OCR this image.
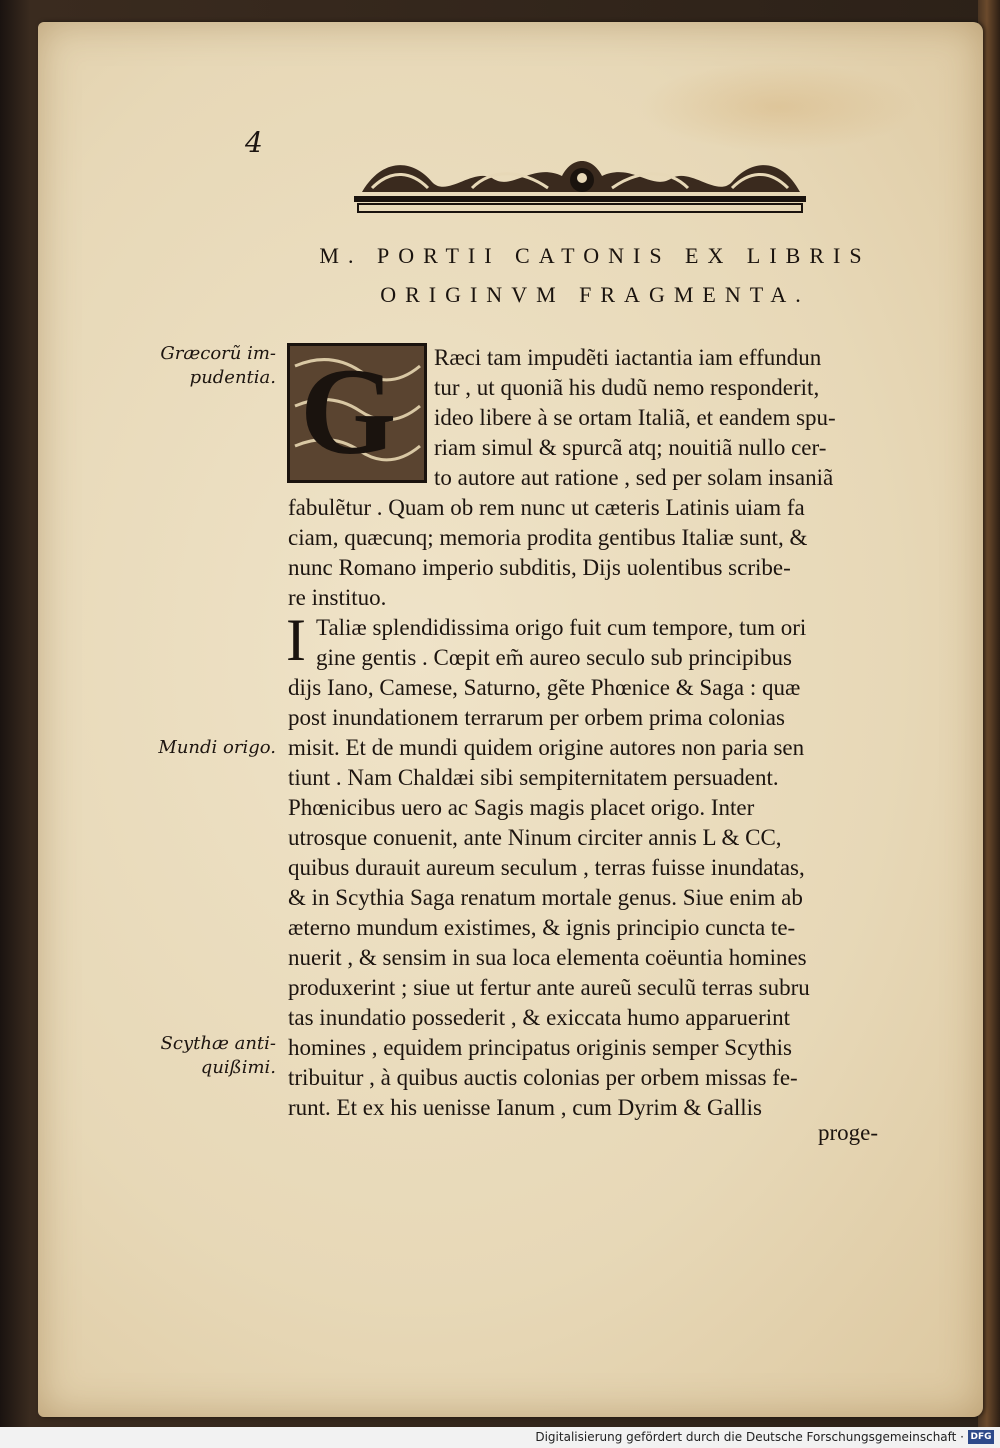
4
M. PORTII CATONIS EX LIBRIS
ORIGINVM FRAGMENTA.
G Ræci tam impudẽti iactantia iam effundun
tur , ut quoniã his dudũ nemo responderit,
ideo libere à se ortam Italiã, et eandem spu-
riam simul & spurcã atq; nouitiã nullo cer-
to autore aut ratione , sed per solam insaniã
fabulẽtur . Quam ob rem nunc ut cæteris Latinis uiam fa
ciam, quæcunq; memoria prodita gentibus Italiæ sunt, &
nunc Romano imperio subditis, Dijs uolentibus scribe-
re instituo.
I Taliæ splendidissima origo fuit cum tempore, tum ori
gine gentis . Cœpit em̃ aureo seculo sub principibus
dijs Iano, Camese, Saturno, gẽte Phœnice & Saga : quæ
post inundationem terrarum per orbem prima colonias
misit. Et de mundi quidem origine autores non paria sen
tiunt . Nam Chaldæi sibi sempiternitatem persuadent.
Phœnicibus uero ac Sagis magis placet origo. Inter
utrosque conuenit, ante Ninum circiter annis L & CC,
quibus durauit aureum seculum , terras fuisse inundatas,
& in Scythia Saga renatum mortale genus. Siue enim ab
æterno mundum existimes, & ignis principio cuncta te-
nuerit , & sensim in sua loca elementa coëuntia homines
produxerint ; siue ut fertur ante aureũ seculũ terras subru
tas inundatio possederit , & exiccata humo apparuerint
homines , equidem principatus originis semper Scythis
tribuitur , à quibus auctis colonias per orbem missas fe-
runt. Et ex his uenisse Ianum , cum Dyrim & Gallis
proge-
Græcorũ im-
pudentia.
Mundi origo.
Scythæ anti-
quißimi.
Digitalisierung gefördert durch die Deutsche Forschungsgemeinschaft · DFG
